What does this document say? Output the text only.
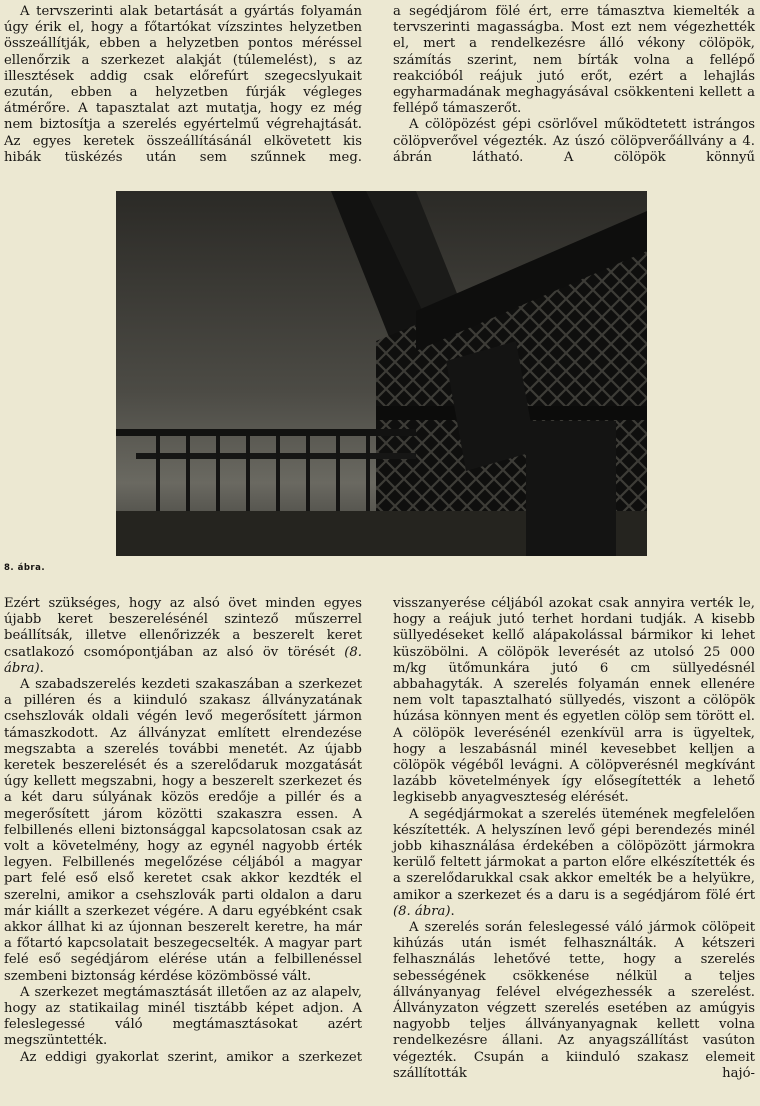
A tervszerinti alak betartását a gyártás folyamán úgy érik el, hogy a főtartókat vízszintes helyzetben összeállítják, ebben a helyzetben pontos méréssel ellenőrzik a szerkezet alakját (túlemelést), s az illesztések addig csak előrefúrt szegecslyukait ezután, ebben a helyzetben fúrják végleges átmérőre. A tapasztalat azt mutatja, hogy ez még nem biztosítja a szerelés egyértelmű végrehajtását. Az egyes keretek összeállításánál elkövetett kis hibák tüskézés után sem szűnnek meg.

a segédjárom fölé ért, erre támasztva kiemelték a tervszerinti magasságba. Most ezt nem végezhették el, mert a rendelkezésre álló vékony cölöpök, számítás szerint, nem bírták volna a fellépő reakcióból reájuk jutó erőt, ezért a lehajlás egyharmadának meghagyásával csökkenteni kellett a fellépő támaszerőt.

A cölöpözést gépi csörlővel működtetett istrángos cölöpverővel végezték. Az úszó cölöpverőállvány a 4. ábrán látható. A cölöpök könnyű

8. ábra.

Ezért szükséges, hogy az alsó övet minden egyes újabb keret beszerelésénél szintező műszerrel beállítsák, illetve ellenőrizzék a beszerelt keret csatlakozó csomópontjában az alsó öv törését (8. ábra).

A szabadszerelés kezdeti szakaszában a szerkezet a pilléren és a kiinduló szakasz állványzatának csehszlovák oldali végén levő megerősített jármon támaszkodott. Az állványzat említett elrendezése megszabta a szerelés további menetét. Az újabb keretek beszerelését és a szerelődaruk mozgatását úgy kellett megszabni, hogy a beszerelt szerkezet és a két daru súlyának közös eredője a pillér és a megerősített járom közötti szakaszra essen. A felbillenés elleni biztonsággal kapcsolatosan csak az volt a követelmény, hogy az egynél nagyobb érték legyen. Felbillenés megelőzése céljából a magyar part felé eső első keretet csak akkor kezdték el szerelni, amikor a csehszlovák parti oldalon a daru már kiállt a szerkezet végére. A daru egyébként csak akkor állhat ki az újonnan beszerelt keretre, ha már a főtartó kapcsolatait beszegecselték. A magyar part felé eső segédjárom elérése után a felbillenéssel szembeni biztonság kérdése közömbössé vált.

A szerkezet megtámasztását illetően az az alapelv, hogy az statikailag minél tisztább képet adjon. A feleslegessé váló megtámasztásokat azért megszüntették.

Az eddigi gyakorlat szerint, amikor a szerkezet

visszanyerése céljából azokat csak annyira verték le, hogy a reájuk jutó terhet hordani tudják. A kisebb süllyedéseket kellő alápakolással bármikor ki lehet küszöbölni. A cölöpök leverését az utolsó 25 000 m/kg ütőmunkára jutó 6 cm süllyedésnél abbahagyták. A szerelés folyamán ennek ellenére nem volt tapasztalható süllyedés, viszont a cölöpök húzása könnyen ment és egyetlen cölöp sem törött el. A cölöpök leverésénél ezenkívül arra is ügyeltek, hogy a leszabásnál minél kevesebbet kelljen a cölöpök végéből levágni. A cölöpverésnél megkívánt lazább követelmények így elősegítették a lehető legkisebb anyagveszteség elérését.

A segédjármokat a szerelés ütemének megfelelően készítették. A helyszínen levő gépi berendezés minél jobb kihasználása érdekében a cölöpözött jármokra kerülő feltett jármokat a parton előre elkészítették és a szerelődarukkal csak akkor emelték be a helyükre, amikor a szerkezet és a daru is a segédjárom fölé ért (8. ábra).

A szerelés során feleslegessé váló jármok cölöpeit kihúzás után ismét felhasználták. A kétszeri felhasználás lehetővé tette, hogy a szerelés sebességének csökkenése nélkül a teljes állványanyag felével elvégezhessék a szerelést. Állványzaton végzett szerelés esetében az amúgyis nagyobb teljes állványanyagnak kellett volna rendelkezésre állani. Az anyagszállítást vasúton végezték. Csupán a kiinduló szakasz elemeit szállították hajó-
